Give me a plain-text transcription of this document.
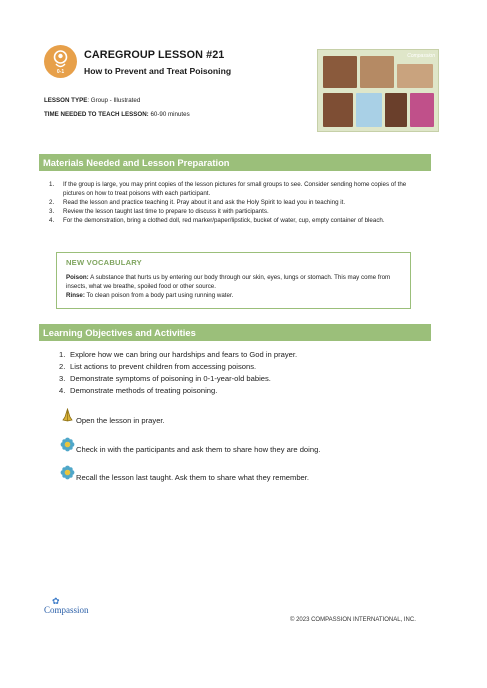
0-1
CAREGROUP LESSON #21
How to Prevent and Treat Poisoning
LESSON TYPE: Group - Illustrated
TIME NEEDED TO TEACH LESSON: 60-90 minutes
Compassion
Materials Needed and Lesson Preparation
1. If the group is large, you may print copies of the lesson pictures for small groups to see. Consider sending home copies of the pictures on how to treat poisons with each participant.
2. Read the lesson and practice teaching it. Pray about it and ask the Holy Spirit to lead you in teaching it.
3. Review the lesson taught last time to prepare to discuss it with participants.
4. For the demonstration, bring a clothed doll, red marker/paper/lipstick, bucket of water, cup, empty container of bleach.
NEW VOCABULARY
Poison: A substance that hurts us by entering our body through our skin, eyes, lungs or stomach. This may come from insects, what we breathe, spoiled food or other source.
Rinse: To clean poison from a body part using running water.
Learning Objectives and Activities
1. Explore how we can bring our hardships and fears to God in prayer.
2. List actions to prevent children from accessing poisons.
3. Demonstrate symptoms of poisoning in 0-1-year-old babies.
4. Demonstrate methods of treating poisoning.
Open the lesson in prayer.
Check in with the participants and ask them to share how they are doing.
Recall the lesson last taught. Ask them to share what they remember.
✿
Compassion
© 2023 COMPASSION INTERNATIONAL, INC.
